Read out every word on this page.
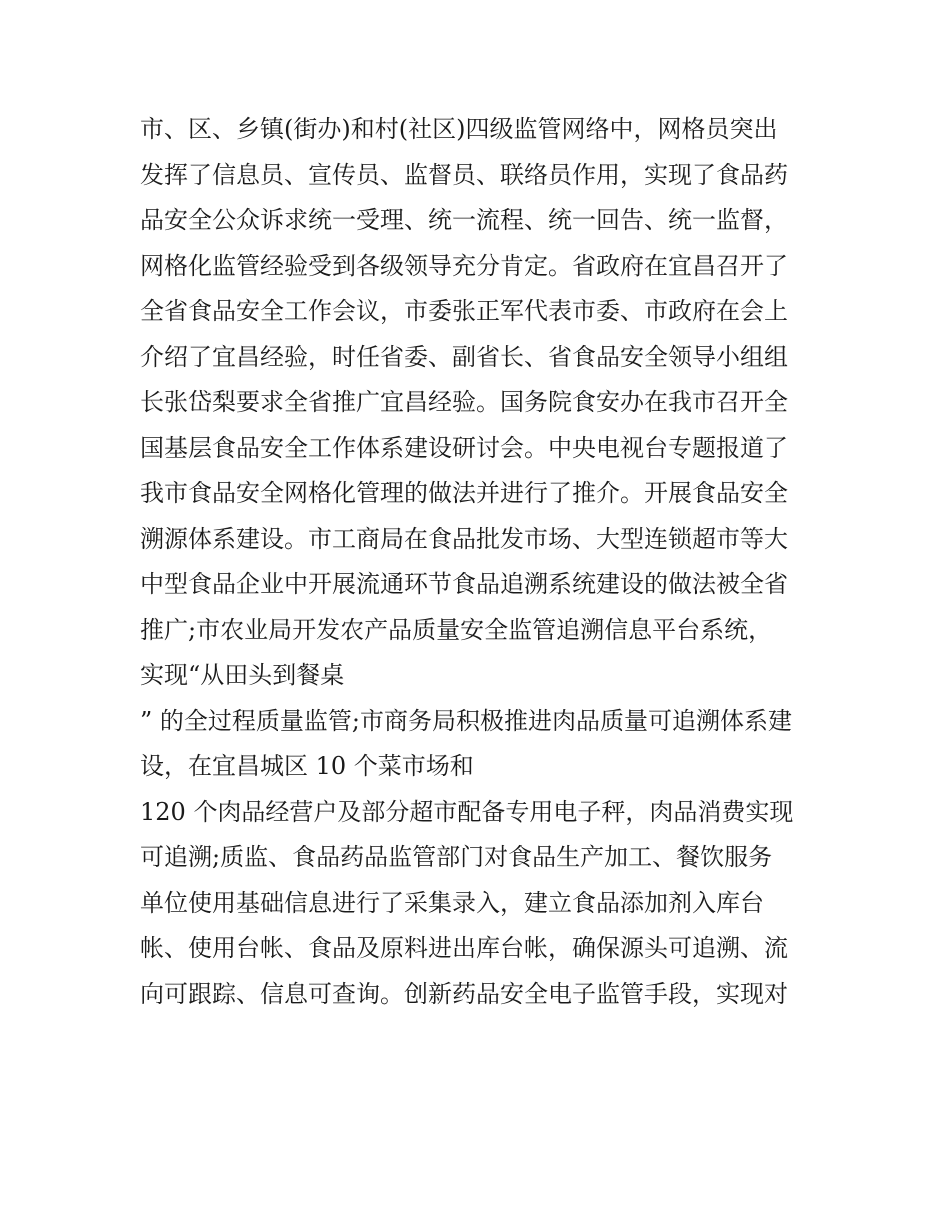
市、区、乡镇(街办)和村(社区)四级监管网络中，网格员突出
发挥了信息员、宣传员、监督员、联络员作用，实现了食品药
品安全公众诉求统一受理、统一流程、统一回告、统一监督，
网格化监管经验受到各级领导充分肯定。省政府在宜昌召开了
全省食品安全工作会议，市委张正军代表市委、市政府在会上
介绍了宜昌经验，时任省委、副省长、省食品安全领导小组组
长张岱梨要求全省推广宜昌经验。国务院食安办在我市召开全
国基层食品安全工作体系建设研讨会。中央电视台专题报道了
我市食品安全网格化管理的做法并进行了推介。开展食品安全
溯源体系建设。市工商局在食品批发市场、大型连锁超市等大
中型食品企业中开展流通环节食品追溯系统建设的做法被全省
推广;市农业局开发农产品质量安全监管追溯信息平台系统，
实现“从田头到餐桌
” 的全过程质量监管;市商务局积极推进肉品质量可追溯体系建
设，在宜昌城区 10 个菜市场和
120 个肉品经营户及部分超市配备专用电子秤，肉品消费实现
可追溯;质监、食品药品监管部门对食品生产加工、餐饮服务
单位使用基础信息进行了采集录入，建立食品添加剂入库台
帐、使用台帐、食品及原料进出库台帐，确保源头可追溯、流
向可跟踪、信息可查询。创新药品安全电子监管手段，实现对
